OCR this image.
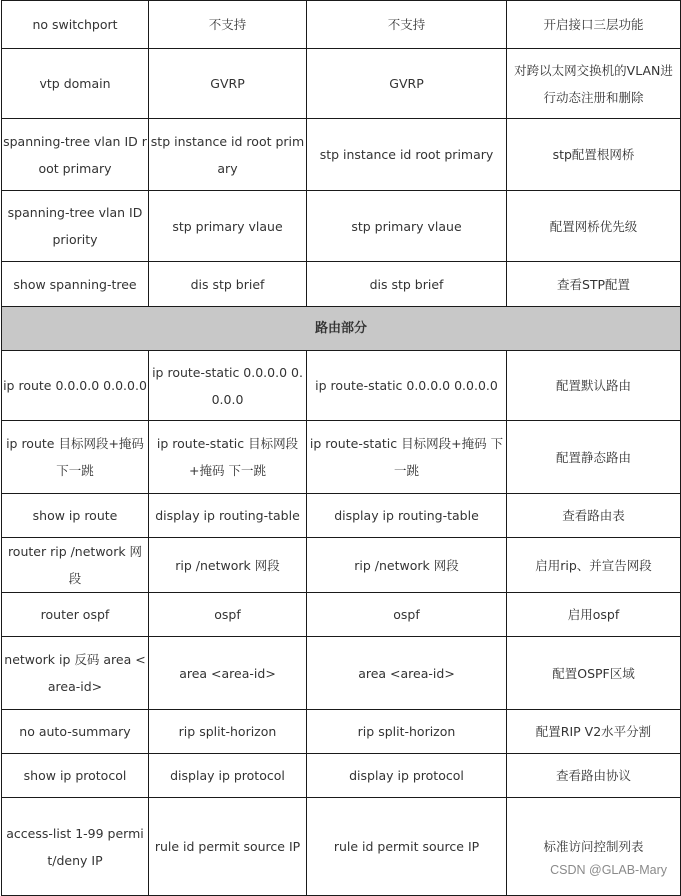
no switchport	不支持	不支持	开启接口三层功能
vtp domain	GVRP	GVRP	对跨以太网交换机的VLAN进行动态注册和删除
spanning-tree vlan ID root primary	stp instance id root primary	stp instance id root primary	stp配置根网桥
spanning-tree vlan ID priority	stp primary vlaue	stp primary vlaue	配置网桥优先级
show spanning-tree	dis stp brief	dis stp brief	查看STP配置
路由部分			
ip route 0.0.0.0 0.0.0.0	ip route-static 0.0.0.0 0.0.0.0	ip route-static 0.0.0.0 0.0.0.0	配置默认路由
ip route 目标网段+掩码 下一跳	ip route-static 目标网段+掩码 下一跳	ip route-static 目标网段+掩码 下一跳	配置静态路由
show ip route	display ip routing-table	display ip routing-table	查看路由表
router rip /network 网段	rip /network 网段	rip /network 网段	启用rip、并宣告网段
router ospf	ospf	ospf	启用ospf
network ip 反码 area <area-id>	area <area-id>	area <area-id>	配置OSPF区域
no auto-summary	rip split-horizon	rip split-horizon	配置RIP V2水平分割
show ip protocol	display ip protocol	display ip protocol	查看路由协议
access-list 1-99 permit/deny IP	rule id permit source IP	rule id permit source IP	标准访问控制列表
CSDN @GLAB-Mary
